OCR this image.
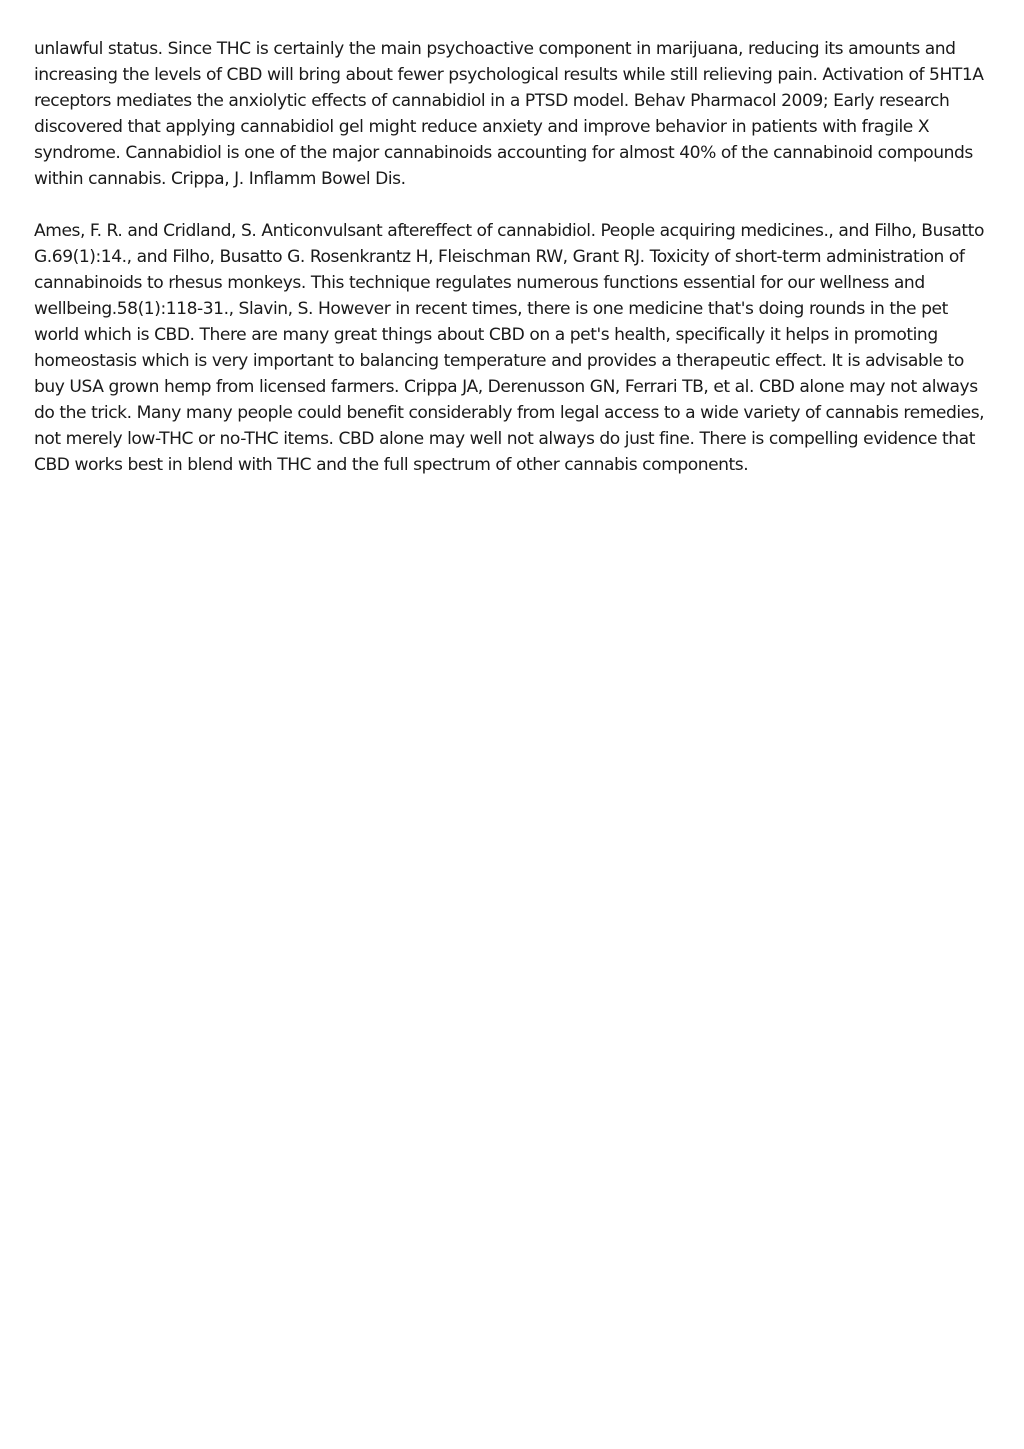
unlawful status. Since THC is certainly the main psychoactive component in marijuana, reducing its amounts and increasing the levels of CBD will bring about fewer psychological results while still relieving pain. Activation of 5HT1A receptors mediates the anxiolytic effects of cannabidiol in a PTSD model. Behav Pharmacol 2009; Early research discovered that applying cannabidiol gel might reduce anxiety and improve behavior in patients with fragile X syndrome. Cannabidiol is one of the major cannabinoids accounting for almost 40% of the cannabinoid compounds within cannabis. Crippa, J. Inflamm Bowel Dis.

Ames, F. R. and Cridland, S. Anticonvulsant aftereffect of cannabidiol. People acquiring medicines., and Filho, Busatto G.69(1):14., and Filho, Busatto G. Rosenkrantz H, Fleischman RW, Grant RJ. Toxicity of short-term administration of cannabinoids to rhesus monkeys. This technique regulates numerous functions essential for our wellness and wellbeing.58(1):118-31., Slavin, S. However in recent times, there is one medicine that's doing rounds in the pet world which is CBD. There are many great things about CBD on a pet's health, specifically it helps in promoting homeostasis which is very important to balancing temperature and provides a therapeutic effect. It is advisable to buy USA grown hemp from licensed farmers. Crippa JA, Derenusson GN, Ferrari TB, et al. CBD alone may not always do the trick. Many many people could benefit considerably from legal access to a wide variety of cannabis remedies, not merely low-THC or no-THC items. CBD alone may well not always do just fine. There is compelling evidence that CBD works best in blend with THC and the full spectrum of other cannabis components.
